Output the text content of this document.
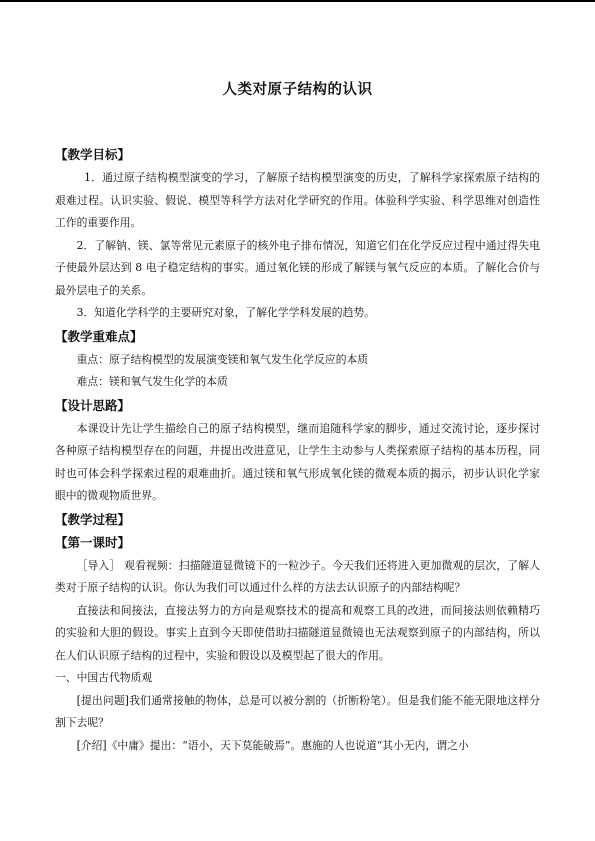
人类对原子结构的认识
【教学目标】

1．通过原子结构模型演变的学习，了解原子结构模型演变的历史，了解科学家探索原子结构的艰难过程。认识实验、假说、模型等科学方法对化学研究的作用。体验科学实验、科学思维对创造性工作的重要作用。

2．了解钠、镁、氯等常见元素原子的核外电子排布情况，知道它们在化学反应过程中通过得失电子使最外层达到 8 电子稳定结构的事实。通过氧化镁的形成了解镁与氧气反应的本质。了解化合价与最外层电子的关系。

3．知道化学科学的主要研究对象，了解化学学科发展的趋势。

【教学重难点】

重点：原子结构模型的发展演变镁和氧气发生化学反应的本质

难点：镁和氧气发生化学的本质

【设计思路】

本课设计先让学生描绘自己的原子结构模型，继而追随科学家的脚步，通过交流讨论，逐步探讨各种原子结构模型存在的问题，并提出改进意见，让学生主动参与人类探索原子结构的基本历程，同时也可体会科学探索过程的艰难曲折。通过镁和氧气形成氧化镁的微观本质的揭示，初步认识化学家眼中的微观物质世界。

【教学过程】
【第一课时】

［导入］ 观看视频：扫描隧道显微镜下的一粒沙子。今天我们还将进入更加微观的层次，了解人类对于原子结构的认识。你认为我们可以通过什么样的方法去认识原子的内部结构呢？

直接法和间接法，直接法努力的方向是观察技术的提高和观察工具的改进，而间接法则依赖精巧的实验和大胆的假设。事实上直到今天即使借助扫描隧道显微镜也无法观察到原子的内部结构，所以在人们认识原子结构的过程中，实验和假设以及模型起了很大的作用。

一、中国古代物质观

[提出问题]我们通常接触的物体，总是可以被分割的（折断粉笔）。但是我们能不能无限地这样分割下去呢？

[介绍]《中庸》提出：“语小，天下莫能破焉”。惠施的人也说道“其小无内，谓之小
